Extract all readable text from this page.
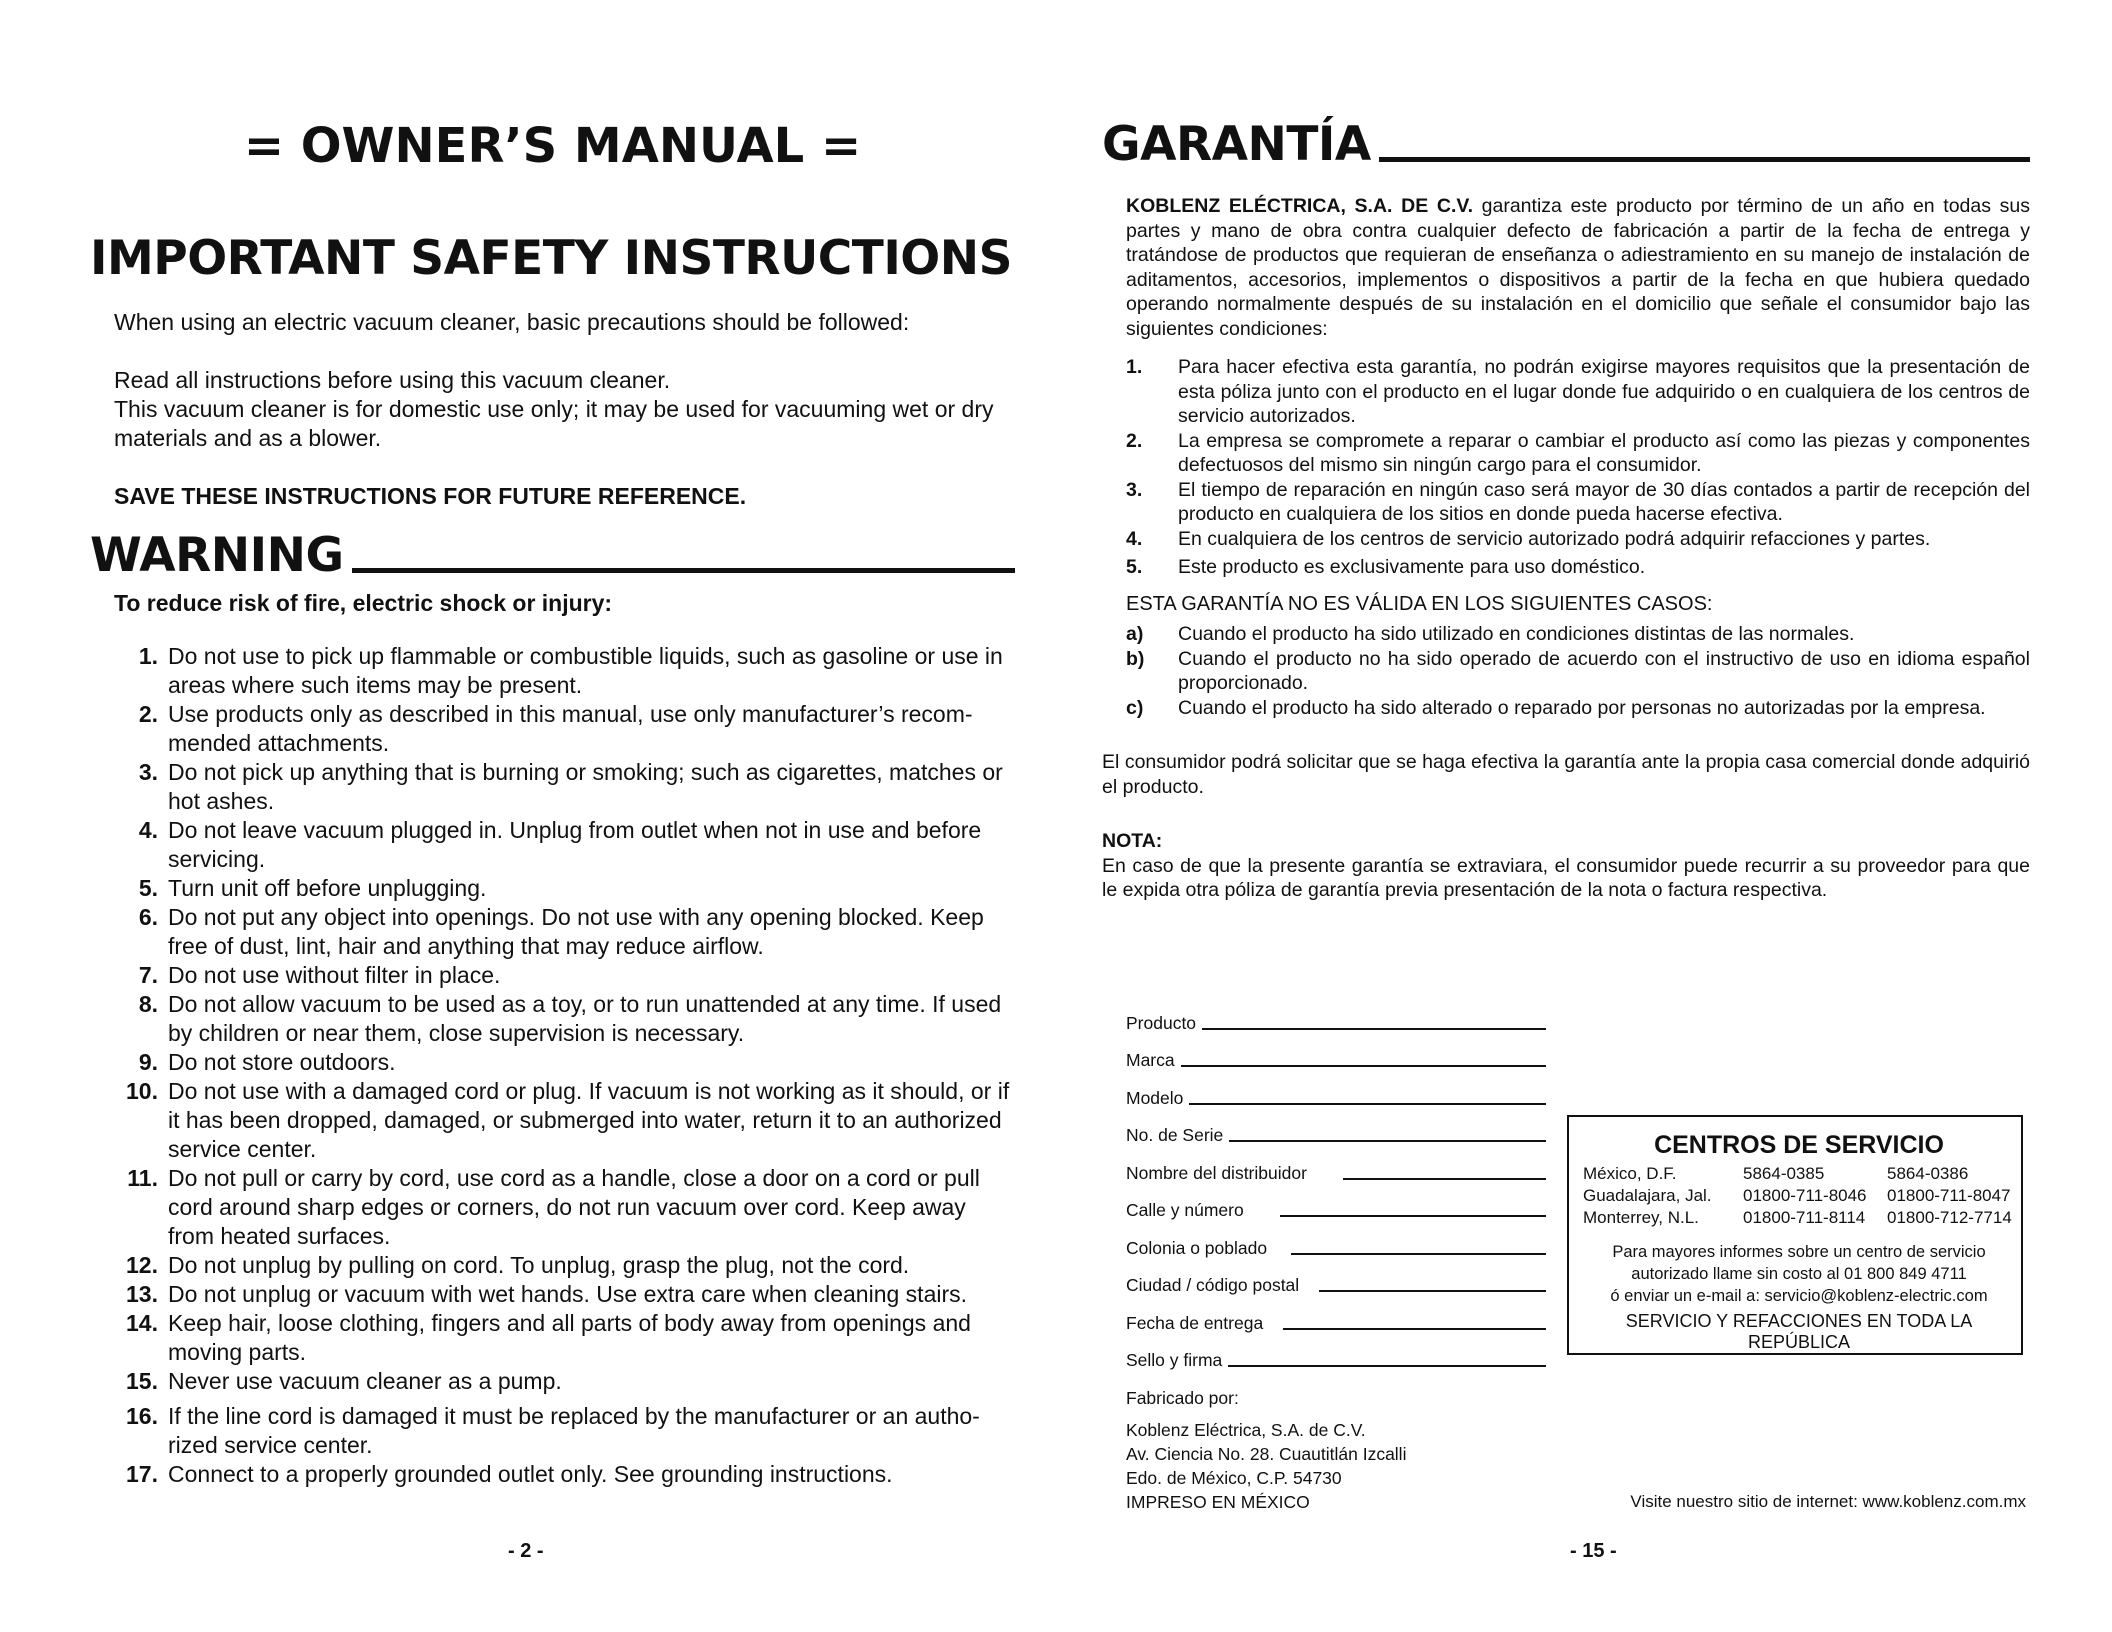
= OWNER’S MANUAL =
IMPORTANT SAFETY INSTRUCTIONS

When using an electric vacuum cleaner, basic precautions should be followed:

Read all instructions before using this vacuum cleaner.

This vacuum cleaner is for domestic use only; it may be used for vacuuming wet or dry materials and as a blower.

SAVE THESE INSTRUCTIONS FOR FUTURE REFERENCE.

WARNING

To reduce risk of fire, electric shock or injury:

1. Do not use to pick up flammable or combustible liquids, such as gasoline or use in areas where such items may be present.
2. Use products only as described in this manual, use only manufacturer’s recom-mended attachments.
3. Do not pick up anything that is burning or smoking; such as cigarettes, matches or hot ashes.
4. Do not leave vacuum plugged in. Unplug from outlet when not in use and before servicing.
5. Turn unit off before unplugging.
6. Do not put any object into openings. Do not use with any opening blocked. Keep free of dust, lint, hair and anything that may reduce airflow.
7. Do not use without filter in place.
8. Do not allow vacuum to be used as a toy, or to run unattended at any time. If used by children or near them, close supervision is necessary.
9. Do not store outdoors.
10. Do not use with a damaged cord or plug. If vacuum is not working as it should, or if it has been dropped, damaged, or submerged into water, return it to an authorized service center.
11. Do not pull or carry by cord, use cord as a handle, close a door on a cord or pull cord around sharp edges or corners, do not run vacuum over cord. Keep away from heated surfaces.
12. Do not unplug by pulling on cord. To unplug, grasp the plug, not the cord.
13. Do not unplug or vacuum with wet hands. Use extra care when cleaning stairs.
14. Keep hair, loose clothing, fingers and all parts of body away from openings and moving parts.
15. Never use vacuum cleaner as a pump.
16. If the line cord is damaged it must be replaced by the manufacturer or an autho-rized service center.
17. Connect to a properly grounded outlet only. See grounding instructions.
- 2 -
GARANTÍA

KOBLENZ ELÉCTRICA, S.A. DE C.V. garantiza este producto por término de un año en todas sus partes y mano de obra contra cualquier defecto de fabricación a partir de la fecha de entrega y tratándose de productos que requieran de enseñanza o adiestramiento en su manejo de instalación de aditamentos, accesorios, implementos o dispositivos a partir de la fecha en que hubiera quedado operando normalmente después de su instalación en el domicilio que señale el consumidor bajo las siguientes condiciones:

1.	Para hacer efectiva esta garantía, no podrán exigirse mayores requisitos que la presentación de esta póliza junto con el producto en el lugar donde fue adquirido o en cualquiera de los centros de servicio autorizados.
2.	La empresa se compromete a reparar o cambiar el producto así como las piezas y componentes defectuosos del mismo sin ningún cargo para el consumidor.
3.	El tiempo de reparación en ningún caso será mayor de 30 días contados a partir de recepción del producto en cualquiera de los sitios en donde pueda hacerse efectiva.
4.	En cualquiera de los centros de servicio autorizado podrá adquirir refacciones y partes.
5.	Este producto es exclusivamente para uso doméstico.

ESTA GARANTÍA NO ES VÁLIDA EN LOS SIGUIENTES CASOS:

a)	Cuando el producto ha sido utilizado en condiciones distintas de las normales.
b)	Cuando el producto no ha sido operado de acuerdo con el instructivo de uso en idioma español proporcionado.
c)	Cuando el producto ha sido alterado o reparado por personas no autorizadas por la empresa.

El consumidor podrá solicitar que se haga efectiva la garantía ante la propia casa comercial donde adquirió el producto.

NOTA:

En caso de que la presente garantía se extraviara, el consumidor puede recurrir a su proveedor para que le expida otra póliza de garantía previa presentación de la nota o factura respectiva.

Producto
Marca
Modelo
No. de Serie
Nombre del distribuidor
Calle y número
Colonia o poblado
Ciudad / código postal
Fecha de entrega
Sello y firma
CENTROS DE SERVICIO
México, D.F.	5864-0385	5864-0386
Guadalajara, Jal.	01800-711-8046	01800-711-8047
Monterrey, N.L.	01800-711-8114	01800-712-7714
Para mayores informes sobre un centro de servicio
autorizado llame sin costo al 01 800 849 4711
ó enviar un e-mail a: servicio@koblenz-electric.com
SERVICIO Y REFACCIONES EN TODA LA REPÚBLICA
Fabricado por:
Koblenz Eléctrica, S.A. de C.V.
Av. Ciencia No. 28. Cuautitlán Izcalli
Edo. de México, C.P. 54730
IMPRESO EN MÉXICO	Visite nuestro sitio de internet: www.koblenz.com.mx
- 15 -
